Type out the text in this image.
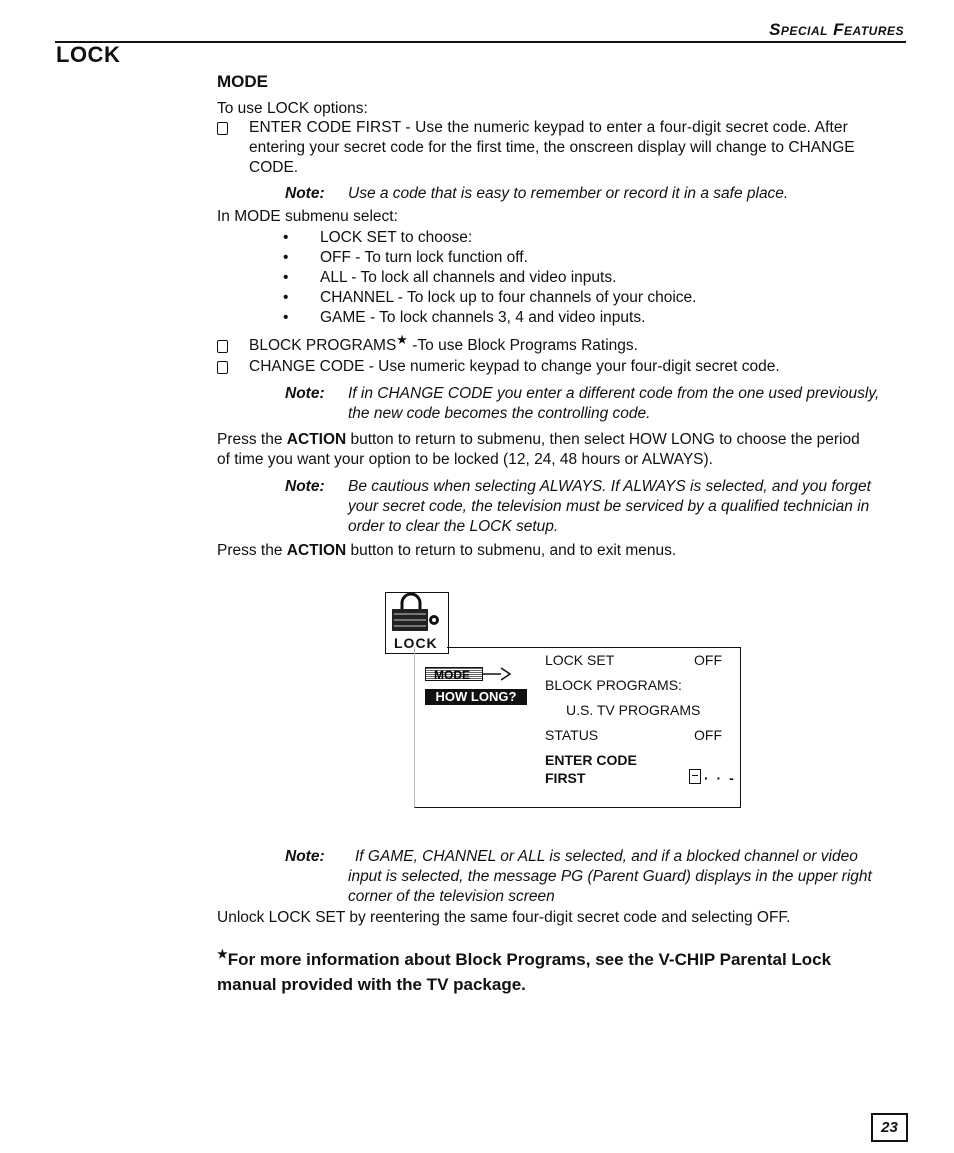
Special Features
LOCK
MODE
To use LOCK options:
ENTER CODE FIRST - Use the numeric keypad to enter a four-digit secret code. After
entering your secret code for the first time, the onscreen display will change to CHANGE
CODE.
Note: Use a code that is easy to remember or record it in a safe place.
In MODE submenu select:
• LOCK SET to choose:
• OFF - To turn lock function off.
• ALL - To lock all channels and video inputs.
• CHANNEL - To lock up to four channels of your choice.
• GAME - To lock channels 3, 4 and video inputs.
BLOCK PROGRAMS★ -To use Block Programs Ratings.
CHANGE CODE - Use numeric keypad to change your four-digit secret code.
Note: If in CHANGE CODE you enter a different code from the one used previously,
the new code becomes the controlling code.
Press the ACTION button to return to submenu, then select HOW LONG to choose the period
of time you want your option to be locked (12, 24, 48 hours or ALWAYS).
Note: Be cautious when selecting ALWAYS. If ALWAYS is selected, and you forget
your secret code, the television must be serviced by a qualified technician in
order to clear the LOCK setup.
Press the ACTION button to return to submenu, and to exit menus.
LOCK
MODE
HOW LONG?
LOCK SET	OFF
BLOCK PROGRAMS:
U.S. TV PROGRAMS
STATUS	OFF
ENTER CODE
FIRST	· · -
Note: If GAME, CHANNEL or ALL is selected, and if a blocked channel or video
input is selected, the message PG (Parent Guard) displays in the upper right
corner of the television screen
Unlock LOCK SET by reentering the same four-digit secret code and selecting OFF.
★For more information about Block Programs, see the V-CHIP Parental Lock
manual provided with the TV package.
23
